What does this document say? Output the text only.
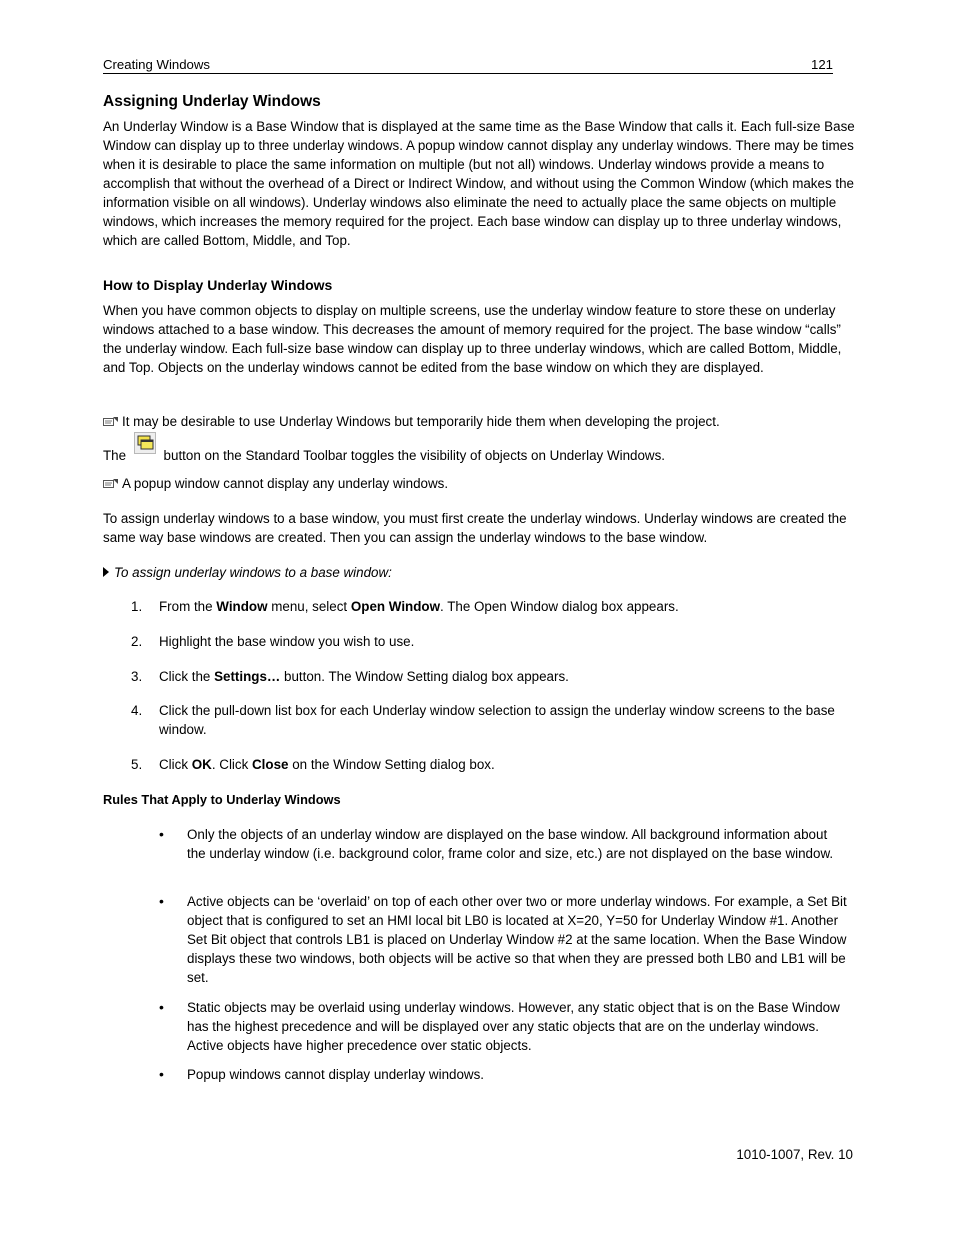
Creating Windows	121
Assigning Underlay Windows

An Underlay Window is a Base Window that is displayed at the same time as the Base Window that calls it. Each full-size Base Window can display up to three underlay windows. A popup window cannot display any underlay windows. There may be times when it is desirable to place the same information on multiple (but not all) windows. Underlay windows provide a means to accomplish that without the overhead of a Direct or Indirect Window, and without using the Common Window (which makes the information visible on all windows). Underlay windows also eliminate the need to actually place the same objects on multiple windows, which increases the memory required for the project. Each base window can display up to three underlay windows, which are called Bottom, Middle, and Top.

How to Display Underlay Windows

When you have common objects to display on multiple screens, use the underlay window feature to store these on underlay windows attached to a base window. This decreases the amount of memory required for the project. The base window “calls” the underlay window. Each full-size base window can display up to three underlay windows, which are called Bottom, Middle, and Top. Objects on the underlay windows cannot be edited from the base window on which they are displayed.

It may be desirable to use Underlay Windows but temporarily hide them when developing the project.

The	button on the Standard Toolbar toggles the visibility of objects on Underlay Windows.

A popup window cannot display any underlay windows.

To assign underlay windows to a base window, you must first create the underlay windows. Underlay windows are created the same way base windows are created. Then you can assign the underlay windows to the base window.

To assign underlay windows to a base window:
1. From the Window menu, select Open Window. The Open Window dialog box appears.
2. Highlight the base window you wish to use.
3. Click the Settings… button. The Window Setting dialog box appears.
4. Click the pull-down list box for each Underlay window selection to assign the underlay window screens to the base window.
5. Click OK. Click Close on the Window Setting dialog box.
Rules That Apply to Underlay Windows
• Only the objects of an underlay window are displayed on the base window. All background information about the underlay window (i.e. background color, frame color and size, etc.) are not displayed on the base window.
• Active objects can be ‘overlaid’ on top of each other over two or more underlay windows. For example, a Set Bit object that is configured to set an HMI local bit LB0 is located at X=20, Y=50 for Underlay Window #1. Another Set Bit object that controls LB1 is placed on Underlay Window #2 at the same location. When the Base Window displays these two windows, both objects will be active so that when they are pressed both LB0 and LB1 will be set.
• Static objects may be overlaid using underlay windows. However, any static object that is on the Base Window has the highest precedence and will be displayed over any static objects that are on the underlay windows. Active objects have higher precedence over static objects.
• Popup windows cannot display underlay windows.
1010-1007, Rev. 10
